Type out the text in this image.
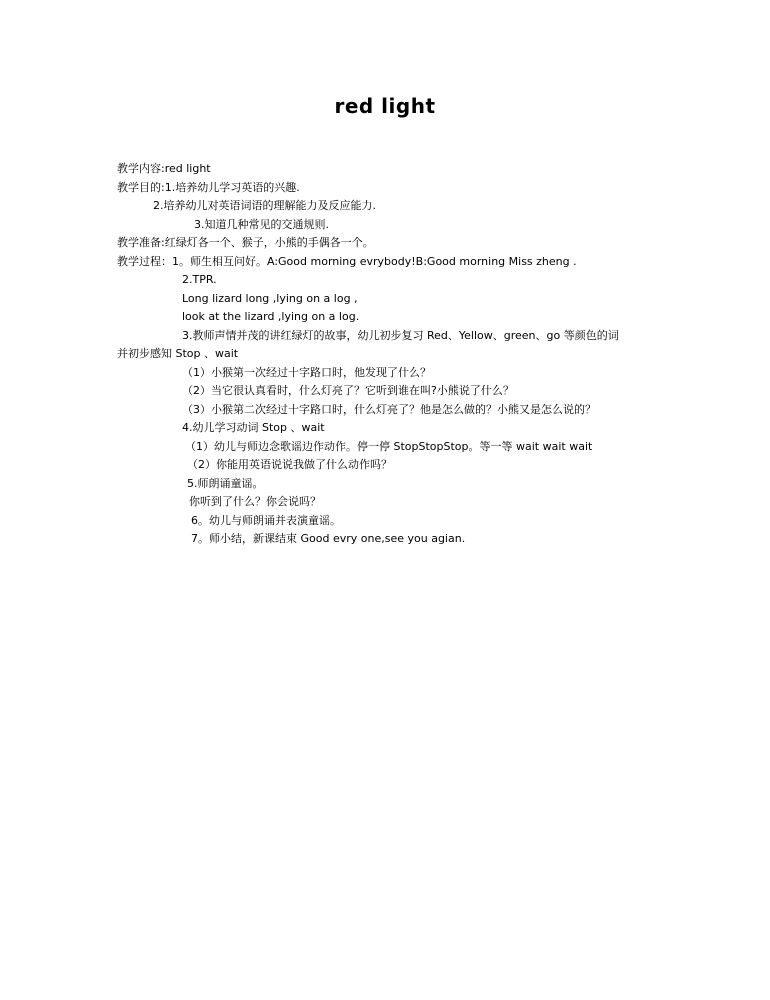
red light
教学内容:red light
教学目的:1.培养幼儿学习英语的兴趣.
2.培养幼儿对英语词语的理解能力及反应能力.
3.知道几种常见的交通规则.
教学准备:红绿灯各一个、猴子，小熊的手偶各一个。
教学过程：1。师生相互问好。A:Good morning evrybody!B:Good morning Miss zheng .
2.TPR.
Long lizard long ,lying on a log ,
look at the lizard ,lying on a log.
3.教师声情并茂的讲红绿灯的故事，幼儿初步复习 Red、Yellow、green、go 等颜色的词
并初步感知 Stop 、wait
（1）小猴第一次经过十字路口时，他发现了什么？
（2）当它很认真看时，什么灯亮了？它听到谁在叫?小熊说了什么？
（3）小猴第二次经过十字路口时，什么灯亮了？他是怎么做的？小熊又是怎么说的？
4.幼儿学习动词 Stop 、wait
（1）幼儿与师边念歌谣边作动作。停一停 StopStopStop。等一等 wait wait wait
（2）你能用英语说说我做了什么动作吗？
5.师朗诵童谣。
你听到了什么？你会说吗？
6。幼儿与师朗诵并表演童谣。
7。师小结，新课结束 Good evry one,see you agian.
